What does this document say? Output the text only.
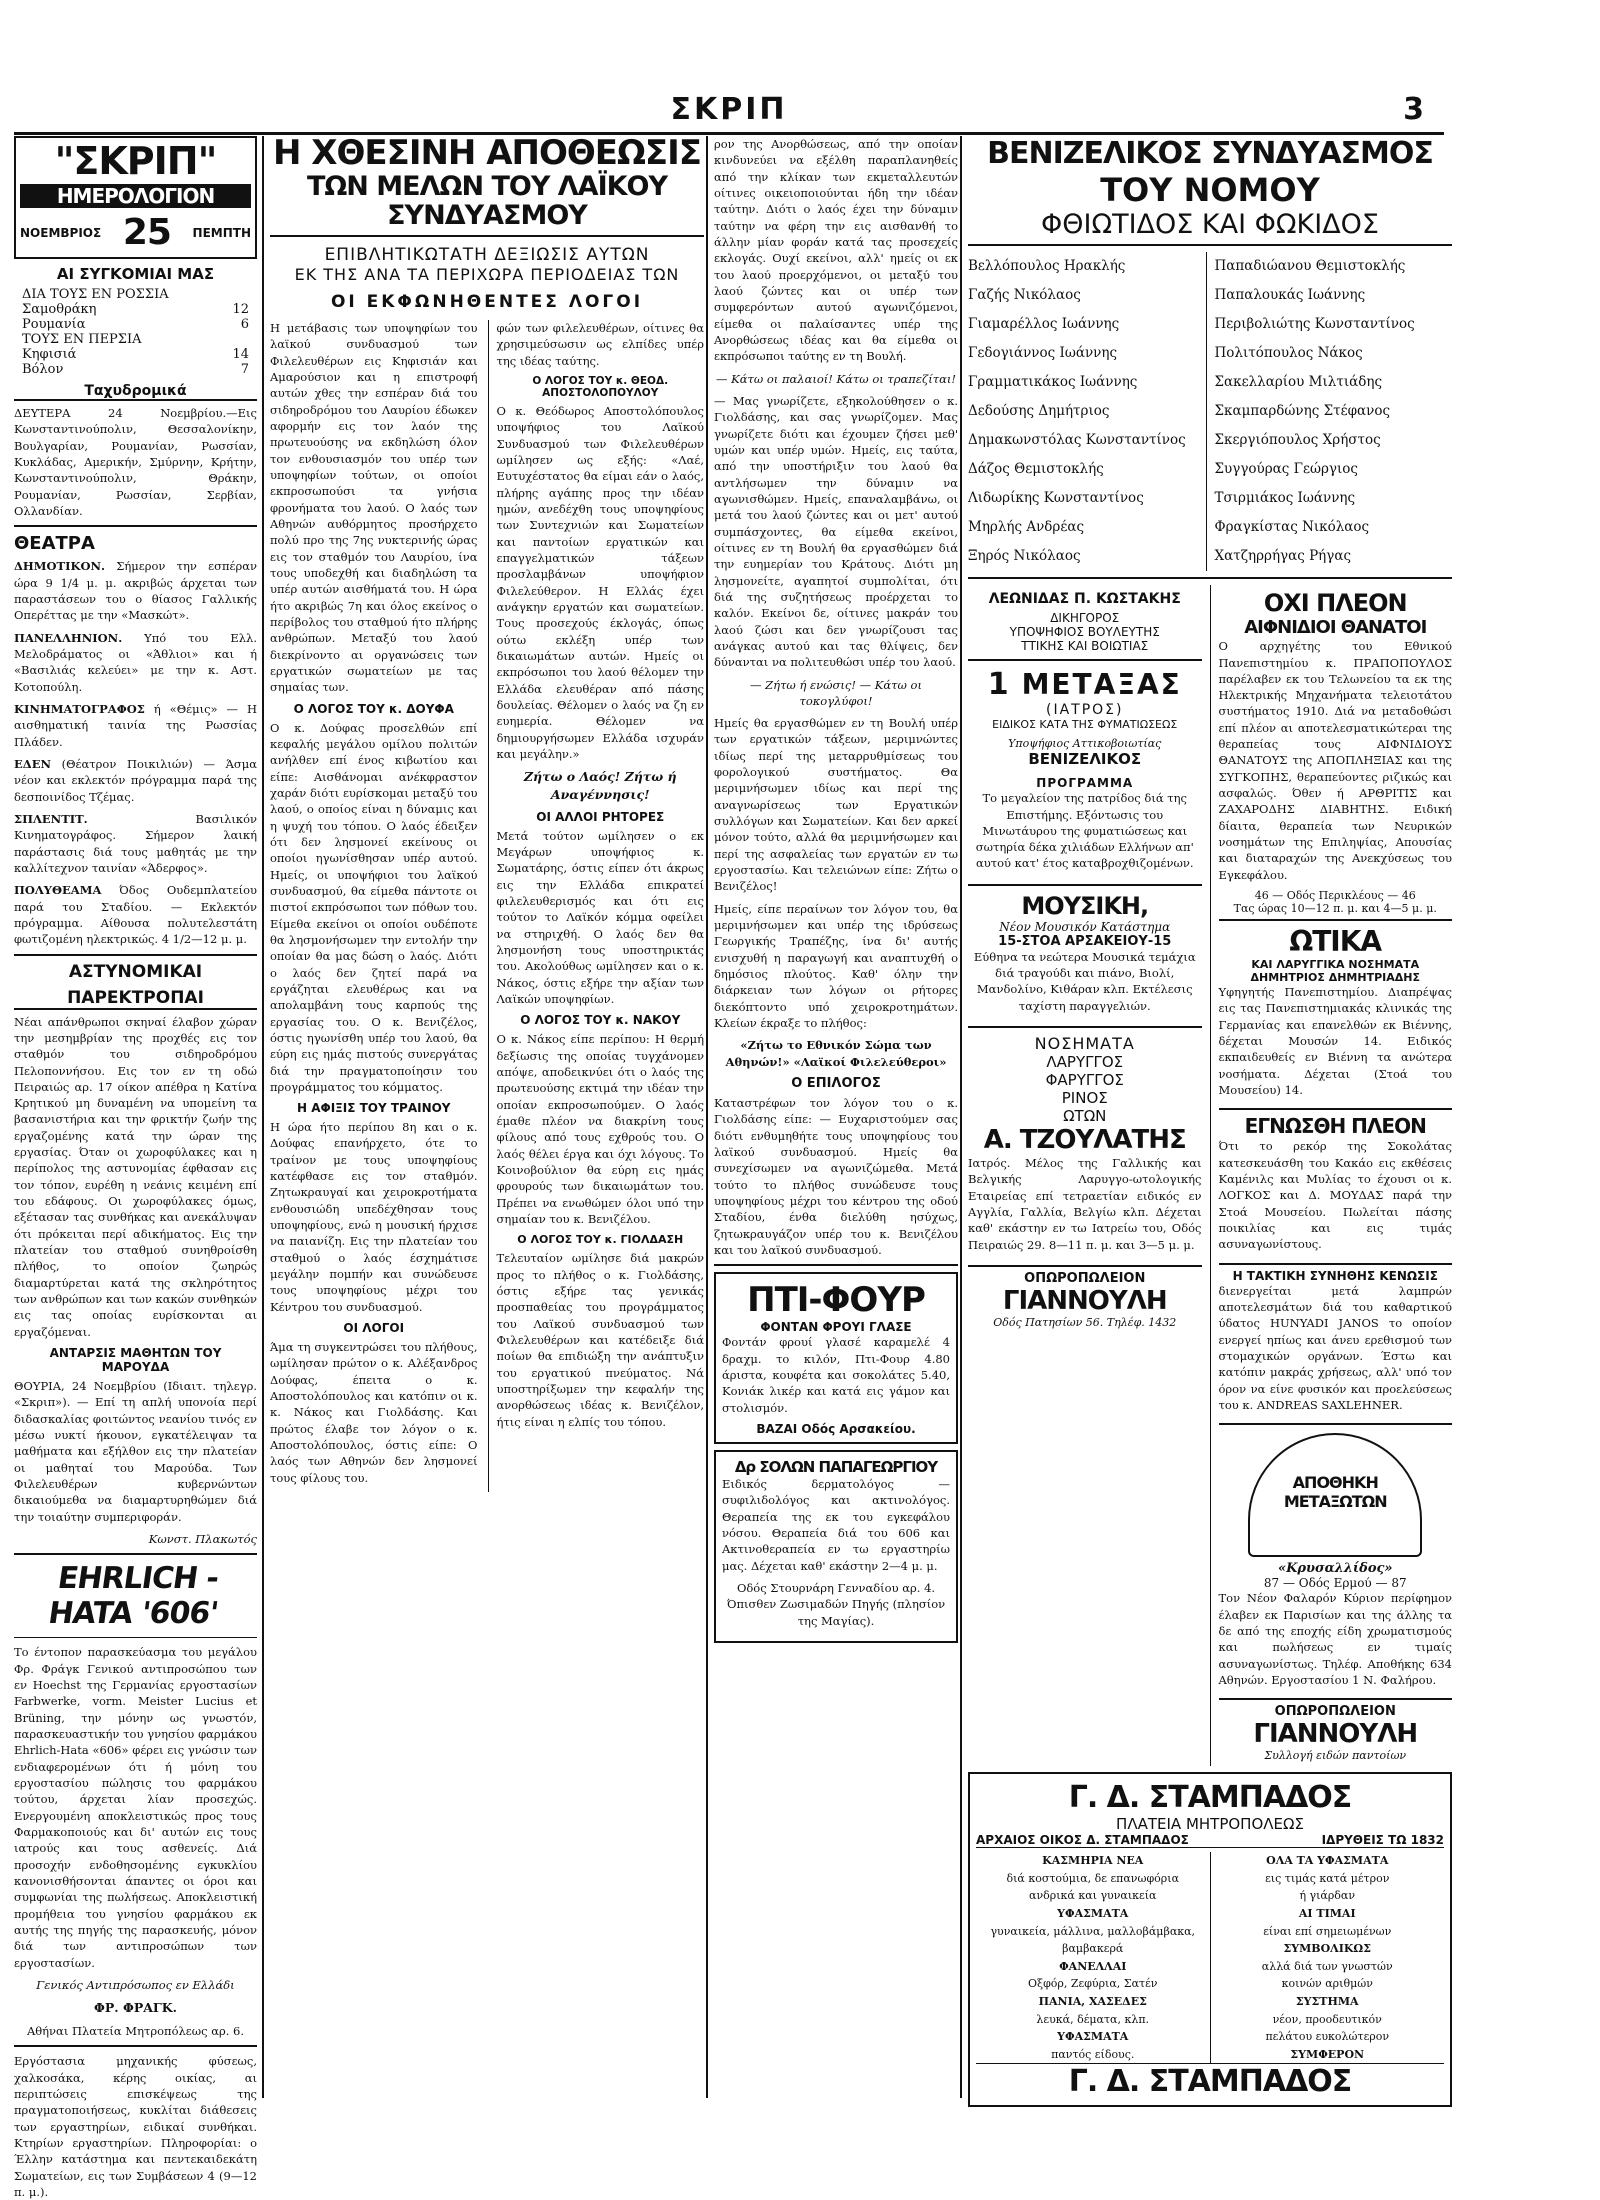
ΣΚΡΙΠ	3
"ΣΚΡΙΠ"
ΗΜΕΡΟΛΟΓΙΟΝ
ΝΟΕΜΒΡΙΟΣ 25 ΠΕΜΠΤΗ
ΑΙ ΣΥΓΚΟΜΙΑΙ ΜΑΣ
ΔΙΑ ΤΟΥΣ ΕΝ ΡΟΣΣΙΑ
Σαμοθράκη	12
Ρουμανία	6
ΤΟΥΣ ΕΝ ΠΕΡΣΙΑ
Κηφισιά	14
Βόλον	7
Ταχυδρομικά

ΔΕΥΤΕΡΑ 24 Νοεμβρίου.—Εις Κωνσταντινούπολιν, Θεσσαλονίκην, Βουλγαρίαν, Ρουμανίαν, Ρωσσίαν, Κυκλάδας, Αμερικήν, Σμύρνην, Κρήτην, Κωνσταντινούπολιν, Θράκην, Ρουμανίαν, Ρωσσίαν, Σερβίαν, Ολλανδίαν.

ΘΕΑΤΡΑ

ΔΗΜΟΤΙΚΟΝ. Σήμερον την εσπέραν ώρα 9 1/4 μ. μ. ακριβώς άρχεται των παραστάσεων του ο θίασος Γαλλικής Οπερέττας με την «Μασκώτ».

ΠΑΝΕΛΛΗΝΙΟΝ. Υπό του Ελλ. Μελοδράματος οι «Άθλιοι» και ή «Βασιλιάς κελεύει» με την κ. Αστ. Κοτοπούλη.

ΚΙΝΗΜΑΤΟΓΡΑΦΟΣ ή «Θέμις» — Η αισθηματική ταινία της Ρωσσίας Πλάδεν.

ΕΔΕΝ (Θέατρον Ποικιλιών) — Άσμα νέον και εκλεκτόν πρόγραμμα παρά της δεσποινίδος Τζέμας.

ΣΠΛΕΝΤΙΤ.	Βασιλικόν Κινηματογράφος. Σήμερον λαική παράστασις διά τους μαθητάς με την καλλίτεχνον ταινίαν «Άδερφος».

ΠΟΛΥΘΕΑΜΑ Όδος Ουδεμπλατείου παρά του Σταδίου. — Εκλεκτόν πρόγραμμα. Αίθουσα πολυτελεστάτη φωτιζομένη ηλεκτρικώς. 4 1/2—12 μ. μ.

ΑΣΤΥΝΟΜΙΚΑΙ
ΠΑΡΕΚΤΡΟΠΑΙ

Νέαι απάνθρωποι σκηναί έλαβον χώραν την μεσημβρίαν της προχθές εις τον σταθμόν του σιδηροδρόμου Πελοποννήσου. Εις τον εν τη οδώ Πειραιώς αρ. 17 οίκον απέθρα η Κατίνα Κρητικού μη δυναμένη να υπομείνη τα βασανιστήρια και την φρικτήν ζωήν της εργαζομένης κατά την ώραν της εργασίας. Όταν οι χωροφύλακες και η περίπολος της αστυνομίας έφθασαν εις τον τόπον, ευρέθη η νεάνις κειμένη επί του εδάφους. Οι χωροφύλακες όμως, εξέτασαν τας συνθήκας και ανεκάλυψαν ότι πρόκειται περί αδικήματος. Εις την πλατείαν του σταθμού συνηθροίσθη πλήθος, το οποίον ζωηρώς διαμαρτύρεται κατά της σκληρότητος των ανθρώπων και των κακών συνθηκών εις τας οποίας ευρίσκονται αι εργαζόμεναι.

ΑΝΤΑΡΣΙΣ ΜΑΘΗΤΩΝ ΤΟΥ ΜΑΡΟΥΔΑ

ΘΟΥΡΙΑ, 24 Νοεμβρίου (Ιδιαιτ. τηλεγρ. «Σκριπ»). — Επί τη απλή υπονοία περί διδασκαλίας φοιτώντος νεανίου τινός εν μέσω νυκτί ήκουον, εγκατέλειψαν τα μαθήματα και εξήλθον εις την πλατείαν οι μαθηταί του Μαρούδα. Των Φιλελευθέρων κυβερνώντων δικαιούμεθα να διαμαρτυρηθώμεν διά την τοιαύτην συμπεριφοράν.

Κωνστ. Πλακωτός

EHRLICH - HATA '606'

Το έντοπον παρασκεύασμα του μεγάλου Φρ. Φράγκ Γενικού αντιπροσώπου των εν Hoechst της Γερμανίας εργοστασίων Farbwerke, vorm. Meister Lucius et Brüning, την μόνην ως γνωστόν, παρασκευαστικήν του γνησίου φαρμάκου Ehrlich-Hata «606» φέρει εις γνώσιν των ενδιαφερομένων ότι ή μόνη του εργοστασίου πώλησις του φαρμάκου τούτου, άρχεται λίαν προσεχώς. Ενεργουμένη αποκλειστικώς προς τους Φαρμακοποιούς και δι' αυτών εις τους ιατρούς και τους ασθενείς. Διά προσοχήν ενδοθησομένης εγκυκλίου κανονισθήσονται άπαντες οι όροι και συμφωνίαι της πωλήσεως. Αποκλειστική προμήθεια του γνησίου φαρμάκου εκ αυτής της πηγής της παρασκευής, μόνον διά των αντιπροσώπων των εργοστασίων.

Γενικός Αντιπρόσωπος εν Ελλάδι

ΦΡ. ΦΡΑΓΚ.

Αθήναι Πλατεία Μητροπόλεως αρ. 6.

Εργόστασια μηχανικής φύσεως, χαλκοσάκα, κέρης οικίας, αι περιπτώσεις επισκέψεως της πραγματοποιήσεως, κυκλίται διάθεσεις των εργαστηρίων, ειδικαί συνθήκαι. Κτηρίων εργαστηρίων. Πληροφορίαι: ο Έλλην κατάστημα και πεντεκαιδεκάτη Σωματείων, εις των Συμβάσεων 4 (9—12 π. μ.).

Η ΧΘΕΣΙΝΗ ΑΠΟΘΕΩΣΙΣ
ΤΩΝ ΜΕΛΩΝ ΤΟΥ ΛΑΪΚΟΥ ΣΥΝΔΥΑΣΜΟΥ
ΕΠΙΒΛΗΤΙΚΩΤΑΤΗ ΔΕΞΙΩΣΙΣ ΑΥΤΩΝ
ΕΚ ΤΗΣ ΑΝΑ ΤΑ ΠΕΡΙΧΩΡΑ ΠΕΡΙΟΔΕΙΑΣ ΤΩΝ
ΟΙ ΕΚΦΩΝΗΘΕΝΤΕΣ ΛΟΓΟΙ

Η μετάβασις των υποψηφίων του λαϊκού συνδυασμού των Φιλελευθέρων εις Κηφισιάν και Αμαρούσιον και η επιστροφή αυτών χθες την εσπέραν διά του σιδηροδρόμου του Λαυρίου έδωκεν αφορμήν εις τον λαόν της πρωτευούσης να εκδηλώση όλον τον ενθουσιασμόν του υπέρ των υποψηφίων τούτων, οι οποίοι εκπροσωπούσι τα γνήσια φρονήματα του λαού. Ο λαός των Αθηνών αυθόρμητος προσήρχετο πολύ προ της 7ης νυκτερινής ώρας εις τον σταθμόν του Λαυρίου, ίνα τους υποδεχθή και διαδηλώση τα υπέρ αυτών αισθήματά του. Η ώρα ήτο ακριβώς 7η και όλος εκείνος ο περίβολος του σταθμού ήτο πλήρης ανθρώπων. Μεταξύ του λαού διεκρίνοντο αι οργανώσεις των εργατικών σωματείων με τας σημαίας των.

Ο ΛΟΓΟΣ ΤΟΥ κ. ΔΟΥΦΑ

Ο κ. Δούφας προσελθών επί κεφαλής μεγάλου ομίλου πολιτών ανήλθεν επί ένος κιβωτίου και είπε: Αισθάνομαι ανέκφραστον χαράν διότι ευρίσκομαι μεταξύ του λαού, ο οποίος είναι η δύναμις και η ψυχή του τόπου. Ο λαός έδειξεν ότι δεν λησμονεί εκείνους οι οποίοι ηγωνίσθησαν υπέρ αυτού. Ημείς, οι υποψήφιοι του λαϊκού συνδυασμού, θα είμεθα πάντοτε οι πιστοί εκπρόσωποι των πόθων του. Είμεθα εκείνοι οι οποίοι ουδέποτε θα λησμονήσωμεν την εντολήν την οποίαν θα μας δώση ο λαός. Διότι ο λαός δεν ζητεί παρά να εργάζηται ελευθέρως και να απολαμβάνη τους καρπούς της εργασίας του. Ο κ. Βενιζέλος, όστις ηγωνίσθη υπέρ του λαού, θα εύρη εις ημάς πιστούς συνεργάτας διά την πραγματοποίησιν του προγράμματος του κόμματος.

Η ΑΦΙΞΙΣ ΤΟΥ ΤΡΑΙΝΟΥ

Η ώρα ήτο περίπου 8η και ο κ. Δούφας επανήρχετο, ότε το τραίνον με τους υποψηφίους κατέφθασε εις τον σταθμόν. Ζητωκραυγαί και χειροκροτήματα ενθουσιώδη υπεδέχθησαν τους υποψηφίους, ενώ η μουσική ήρχισε να παιανίζη. Εις την πλατείαν του σταθμού ο λαός έσχημάτισε μεγάλην πομπήν και συνώδευσε τους υποψηφίους μέχρι του Κέντρου του συνδυασμού.

ΟΙ ΛΟΓΟΙ

Άμα τη συγκεντρώσει του πλήθους, ωμίλησαν πρώτον ο κ. Αλέξανδρος Δούφας, έπειτα ο κ. Αποστολόπουλος και κατόπιν οι κ. κ. Νάκος και Γιολδάσης. Και πρώτος έλαβε τον λόγον ο κ. Αποστολόπουλος, όστις είπε: Ο λαός των Αθηνών δεν λησμονεί τους φίλους του.

φών των φιλελευθέρων, οίτινες θα χρησιμεύσωσιν ως ελπίδες υπέρ της ιδέας ταύτης.

Ο ΛΟΓΟΣ ΤΟΥ κ. ΘΕΟΔ. ΑΠΟΣΤΟΛΟΠΟΥΛΟΥ

Ο κ. Θεόδωρος Αποστολόπουλος υποψήφιος του Λαϊκού Συνδυασμού των Φιλελευθέρων ωμίλησεν ως εξής: «Λαέ, Ευτυχέστατος θα είμαι εάν ο λαός, πλήρης αγάπης προς την ιδέαν ημών, ανεδέχθη τους υποψηφίους των Συντεχνιών και Σωματείων και παντοίων εργατικών και επαγγελματικών τάξεων προσλαμβάνων υποψήφιον Φιλελεύθερον. Η Ελλάς έχει ανάγκην εργατών και σωματείων. Τους προσεχούς έκλογάς, όπως ούτω εκλέξη υπέρ των δικαιωμάτων αυτών. Ημείς οι εκπρόσωποι του λαού θέλομεν την Ελλάδα ελευθέραν από πάσης δουλείας. Θέλομεν ο λαός να ζη εν ευημερία. Θέλομεν να δημιουργήσωμεν Ελλάδα ισχυράν και μεγάλην.»

Ζήτω ο Λαός! Ζήτω ή Αναγέννησις!

ΟΙ ΑΛΛΟΙ ΡΗΤΟΡΕΣ

Μετά τούτον ωμίλησεν ο εκ Μεγάρων υποψήφιος κ. Σωματάρης, όστις είπεν ότι άκρως εις την Ελλάδα επικρατεί φιλελευθερισμός και ότι εις τούτον το Λαϊκόν κόμμα οφείλει να στηριχθή. Ο λαός δεν θα λησμονήση τους υποστηρικτάς του. Ακολούθως ωμίλησεν και ο κ. Νάκος, όστις εξήρε την αξίαν των Λαϊκών υποψηφίων.

Ο ΛΟΓΟΣ ΤΟΥ κ. ΝΑΚΟΥ

Ο κ. Νάκος είπε περίπου: Η θερμή δεξίωσις της οποίας τυγχάνομεν απόψε, αποδεικνύει ότι ο λαός της πρωτευούσης εκτιμά την ιδέαν την οποίαν εκπροσωπούμεν. Ο λαός έμαθε πλέον να διακρίνη τους φίλους από τους εχθρούς του. Ο λαός θέλει έργα και όχι λόγους. Το Κοινοβούλιον θα εύρη εις ημάς φρουρούς των δικαιωμάτων του. Πρέπει να ενωθώμεν όλοι υπό την σημαίαν του κ. Βενιζέλου.

Ο ΛΟΓΟΣ ΤΟΥ κ. ΓΙΟΛΔΑΣΗ

Τελευταίον ωμίλησε διά μακρών προς το πλήθος ο κ. Γιολδάσης, όστις εξήρε τας γενικάς προσπαθείας του προγράμματος του Λαϊκού συνδυασμού των Φιλελευθέρων και κατέδειξε διά ποίων θα επιδιώξη την ανάπτυξιν του εργατικού πνεύματος. Νά υποστηρίξωμεν την κεφαλήν της ανορθώσεως ιδέας κ. Βενιζέλον, ήτις είναι η ελπίς του τόπου.

ρον της Ανορθώσεως, από την οποίαν κινδυνεύει να εξέλθη παραπλανηθείς από την κλίκαν των εκμεταλλευτών οίτινες οικειοποιούνται ήδη την ιδέαν ταύτην. Διότι ο λαός έχει την δύναμιν ταύτην να φέρη την εις αισθανθή το άλλην μίαν φοράν κατά τας προσεχείς εκλογάς. Ουχί εκείνοι, αλλ' ημείς οι εκ του λαού προερχόμενοι, οι μεταξύ του λαού ζώντες και οι υπέρ των συμφερόντων αυτού αγωνιζόμενοι, είμεθα οι παλαίσαντες υπέρ της Ανορθώσεως ιδέας και θα είμεθα οι εκπρόσωποι ταύτης εν τη Βουλή.

— Κάτω οι παλαιοί! Κάτω οι τραπεζίται!

— Μας γνωρίζετε, εξηκολούθησεν ο κ. Γιολδάσης, και σας γνωρίζομεν. Μας γνωρίζετε διότι και έχουμεν ζήσει μεθ' υμών και υπέρ υμών. Ημείς, εις ταύτα, από την υποστήριξιν του λαού θα αντλήσωμεν την δύναμιν να αγωνισθώμεν. Ημείς, επαναλαμβάνω, οι μετά του λαού ζώντες και οι μετ' αυτού συμπάσχοντες, θα είμεθα εκείνοι, οίτινες εν τη Βουλή θα εργασθώμεν διά την ευημερίαν του Κράτους. Διότι μη λησμονείτε, αγαπητοί συμπολίται, ότι διά της συζητήσεως προέρχεται το καλόν. Εκείνοι δε, οίτινες μακράν του λαού ζώσι και δεν γνωρίζουσι τας ανάγκας αυτού και τας θλίψεις, δεν δύνανται να πολιτευθώσι υπέρ του λαού.

— Ζήτω ή ενώσις! — Κάτω οι τοκογλύφοι!

Ημείς θα εργασθώμεν εν τη Βουλή υπέρ των εργατικών τάξεων, μεριμνώντες ιδίως περί της μεταρρυθμίσεως του φορολογικού συστήματος. Θα μεριμνήσωμεν ιδίως και περί της αναγνωρίσεως των Εργατικών συλλόγων και Σωματείων. Και δεν αρκεί μόνον τούτο, αλλά θα μεριμνήσωμεν και περί της ασφαλείας των εργατών εν τω εργοστασίω. Και τελειώνων είπε: Ζήτω ο Βενιζέλος!

Ημείς, είπε περαίνων τον λόγον του, θα μεριμνήσωμεν και υπέρ της ιδρύσεως Γεωργικής Τραπέζης, ίνα δι' αυτής ενισχυθή η παραγωγή και αναπτυχθή ο δημόσιος πλούτος. Καθ' όλην την διάρκειαν των λόγων οι ρήτορες διεκόπτοντο υπό χειροκροτημάτων. Κλείων έκραξε το πλήθος:

«Ζήτω το Εθνικόν Σώμα των Αθηνών!» «Λαϊκοί Φιλελεύθεροι»

Ο ΕΠΙΛΟΓΟΣ

Καταστρέφων τον λόγον του ο κ. Γιολδάσης είπε: — Ευχαριστούμεν σας διότι ενθυμηθήτε τους υποψηφίους του λαϊκού συνδυασμού. Ημείς θα συνεχίσωμεν να αγωνιζώμεθα. Μετά τούτο το πλήθος συνώδευσε τους υποψηφίους μέχρι του κέντρου της οδού Σταδίου, ένθα διελύθη ησύχως, ζητωκραυγάζον υπέρ του κ. Βενιζέλου και του λαϊκού συνδυασμού.

ΠΤΙ-ΦΟΥΡ
ΦΟΝΤΑΝ ΦΡΟΥΙ ΓΛΑΣΕ

Φοντάν φρουί γλασέ καραμελέ 4 δραχμ. το κιλόν, Πτι-Φουρ 4.80 άριστα, κουφέτα και σοκολάτες 5.40, Κονιάκ λικέρ και κατά εις γάμον και στολισμόν.

ΒΑΖΑΙ Οδός Αρσακείου.
Δρ ΣΟΛΩΝ ΠΑΠΑΓΕΩΡΓΙΟΥ

Ειδικός δερματολόγος — συφιλιδολόγος και ακτινολόγος. Θεραπεία της εκ του εγκεφάλου νόσου. Θεραπεία διά του 606 και Ακτινοθεραπεία εν τω εργαστηρίω μας. Δέχεται καθ' εκάστην 2—4 μ. μ.

Οδός Στουρνάρη Γενναδίου αρ. 4. Όπισθεν Ζωσιμαδών Πηγής (πλησίον της Μαγίας).

ΒΕΝΙΖΕΛΙΚΟΣ ΣΥΝΔΥΑΣΜΟΣ
ΤΟΥ ΝΟΜΟΥ
ΦΘΙΩΤΙΔΟΣ ΚΑΙ ΦΩΚΙΔΟΣ
Βελλόπουλος Ηρακλής
Γαζής Νικόλαος
Γιαμαρέλλος Ιωάννης
Γεδογιάννος Ιωάννης
Γραμματικάκος Ιωάννης
Δεδούσης Δημήτριος
Δημακωνστόλας Κωνσταντίνος
Δάζος Θεμιστοκλής
Λιδωρίκης Κωνσταντίνος
Μηρλής Ανδρέας
Ξηρός Νικόλαος
Παπαδιώανου Θεμιστοκλής
Παπαλουκάς Ιωάννης
Περιβολιώτης Κωνσταντίνος
Πολιτόπουλος Νάκος
Σακελλαρίου Μιλτιάδης
Σκαμπαρδώνης Στέφανος
Σκεργιόπουλος Χρήστος
Συγγούρας Γεώργιος
Τσιρμιάκος Ιωάννης
Φραγκίστας Νικόλαος
Χατζηρρήγας Ρήγας
ΛΕΩΝΙΔΑΣ Π. ΚΩΣΤΑΚΗΣ
ΔΙΚΗΓΟΡΟΣ
ΥΠΟΨΗΦΙΟΣ ΒΟΥΛΕΥΤΗΣ
ΤΤΙΚΗΣ ΚΑΙ ΒΟΙΩΤΙΑΣ
1 ΜΕΤΑΞΑΣ
(ΙΑΤΡΟΣ)
ΕΙΔΙΚΟΣ ΚΑΤΑ ΤΗΣ ΦΥΜΑΤΙΩΣΕΩΣ
Υποψήφιος Αττικοβοιωτίας
ΒΕΝΙΖΕΛΙΚΟΣ
ΠΡΟΓΡΑΜΜΑ

Το μεγαλείον της πατρίδος διά της Επιστήμης. Εξόντωσις του Μινωτάυρου της φυματιώσεως και σωτηρία δέκα χιλιάδων Ελλήνων απ' αυτού κατ' έτος καταβροχθιζομένων.

ΜΟΥΣΙΚΗ,
Νέον Μουσικόν Κατάστημα
15-ΣΤΟΑ ΑΡΣΑΚΕΙΟΥ-15

Εύθηνα τα νεώτερα Μουσικά τεμάχια διά τραγούδι και πιάνο, Βιολί, Μανδολίνο, Κιθάραν κλπ. Εκτέλεσις ταχίστη παραγγελιών.

ΝΟΣΗΜΑΤΑ
ΛΑΡΥΓΓΟΣ
ΦΑΡΥΓΓΟΣ
ΡΙΝΟΣ
ΩΤΩΝ
Α. ΤΖΟΥΛΑΤΗΣ

Ιατρός. Μέλος της Γαλλικής και Βελγικής Λαρυγγο-ωτολογικής Εταιρείας επί τετραετίαν ειδικός εν Αγγλία, Γαλλία, Βελγίω κλπ. Δέχεται καθ' εκάστην εν τω Ιατρείω του, Οδός Πειραιώς 29. 8—11 π. μ. και 3—5 μ. μ.

ΟΠΩΡΟΠΩΛΕΙΟΝ
ΓΙΑΝΝΟΥΛΗ
Οδός Πατησίων 56. Τηλέφ. 1432
ΟΧΙ ΠΛΕΟΝ
ΑΙΦΝΙΔΙΟΙ ΘΑΝΑΤΟΙ

Ο αρχηγέτης του Εθνικού Πανεπιστημίου κ. ΠΡΑΠΟΠΟΥΛΟΣ παρέλαβεν εκ του Τελωνείου τα εκ της Ηλεκτρικής Μηχανήματα τελειοτάτου συστήματος 1910. Διά να μεταδοθώσι επί πλέον αι αποτελεσματικώτεραι της θεραπείας τους ΑΙΦΝΙΔΙΟΥΣ ΘΑΝΑΤΟΥΣ της ΑΠΟΠΛΗΞΙΑΣ και της ΣΥΓΚΟΠΗΣ, θεραπεύοντες ριζικώς και ασφαλώς. Όθεν ή ΑΡΘΡΙΤΙΣ και ΖΑΧΑΡΟΔΗΣ ΔΙΑΒΗΤΗΣ. Ειδική δίαιτα, θεραπεία των Νευρικών νοσημάτων της Επιληψίας, Απουσίας και διαταραχών της Ανεκχύσεως του Εγκεφάλου.

46 — Οδός Περικλέους — 46
Τας ώρας 10—12 π. μ. και 4—5 μ. μ.
ΩΤΙΚΑ
ΚΑΙ ΛΑΡΥΓΓΙΚΑ ΝΟΣΗΜΑΤΑ
ΔΗΜΗΤΡΙΟΣ ΔΗΜΗΤΡΙΑΔΗΣ

Υφηγητής Πανεπιστημίου. Διαπρέψας εις τας Πανεπιστημιακάς κλινικάς της Γερμανίας και επανελθών εκ Βιέννης, δέχεται Μουσών 14. Ειδικός εκπαιδευθείς εν Βιέννη τα ανώτερα νοσήματα. Δέχεται (Στοά του Μουσείου) 14.

ΕΓΝΩΣΘΗ ΠΛΕΟΝ

Ότι το ρεκόρ της Σοκολάτας κατεσκευάσθη του Κακάο εις εκθέσεις Καμένιλς και Μυλίας το έχουσι οι κ. ΛΟΓΚΟΣ και Δ. ΜΟΥΔΑΣ παρά την Στοά Μουσείου. Πωλείται πάσης ποικιλίας και εις τιμάς ασυναγωνίστους.

Η ΤΑΚΤΙΚΗ ΣΥΝΗΘΗΣ ΚΕΝΩΣΙΣ

διενεργείται μετά λαμπρών αποτελεσμάτων διά του καθαρτικού ύδατος HUNYADI JANOS το οποίον ενεργεί ηπίως και άνευ ερεθισμού των στομαχικών οργάνων. Έστω και κατόπιν μακράς χρήσεως, αλλ' υπό τον όρον να είνε φυσικόν και προελεύσεως του κ. ANDREAS SAXLEHNER.

ΑΠΟΘΗΚΗ ΜΕΤΑΞΩΤΩΝ
«Κρυσαλλίδος»
87 — Οδός Ερμού — 87

Τον Νέον Φαλαρόν Κύριον περίφημον έλαβεν εκ Παρισίων και της άλλης τα δε από της εποχής είδη χρωματισμούς και πωλήσεως εν τιμαίς ασυναγωνίστως. Τηλέφ. Αποθήκης 634 Αθηνών. Εργοστασίου 1 Ν. Φαλήρου.

ΟΠΩΡΟΠΩΛΕΙΟΝ
ΓΙΑΝΝΟΥΛΗ
Συλλογή ειδών παντοίων
Γ. Δ. ΣΤΑΜΠΑΔΟΣ
ΠΛΑΤΕΙΑ ΜΗΤΡΟΠΟΛΕΩΣ
ΑΡΧΑΙΟΣ ΟΙΚΟΣ Δ. ΣΤΑΜΠΑΔΟΣ	ΙΔΡΥΘΕΙΣ ΤΩ 1832
ΚΑΣΜΗΡΙΑ ΝΕΑ
διά κοστούμια, δε επανωφόρια
ανδρικά και γυναικεία
ΥΦΑΣΜΑΤΑ
γυναικεία, μάλλινα, μαλλοβάμβακα, βαμβακερά
ΦΑΝΕΛΛΑΙ
Οξφόρ, Ζεφύρια, Σατέν
ΠΑΝΙΑ, ΧΑΣΕΔΕΣ
λευκά, δέματα, κλπ.
ΥΦΑΣΜΑΤΑ
παντός είδους.
ΟΛΑ ΤΑ ΥΦΑΣΜΑΤΑ
εις τιμάς κατά μέτρον
ή γιάρδαν
ΑΙ ΤΙΜΑΙ
είναι επί σημειωμένων
ΣΥΜΒΟΛΙΚΩΣ
αλλά διά των γνωστών
κοινών αριθμών
ΣΥΣΤΗΜΑ
νέον, προοδευτικόν
πελάτου ευκολώτερον
ΣΥΜΦΕΡΟΝ
Γ. Δ. ΣΤΑΜΠΑΔΟΣ
